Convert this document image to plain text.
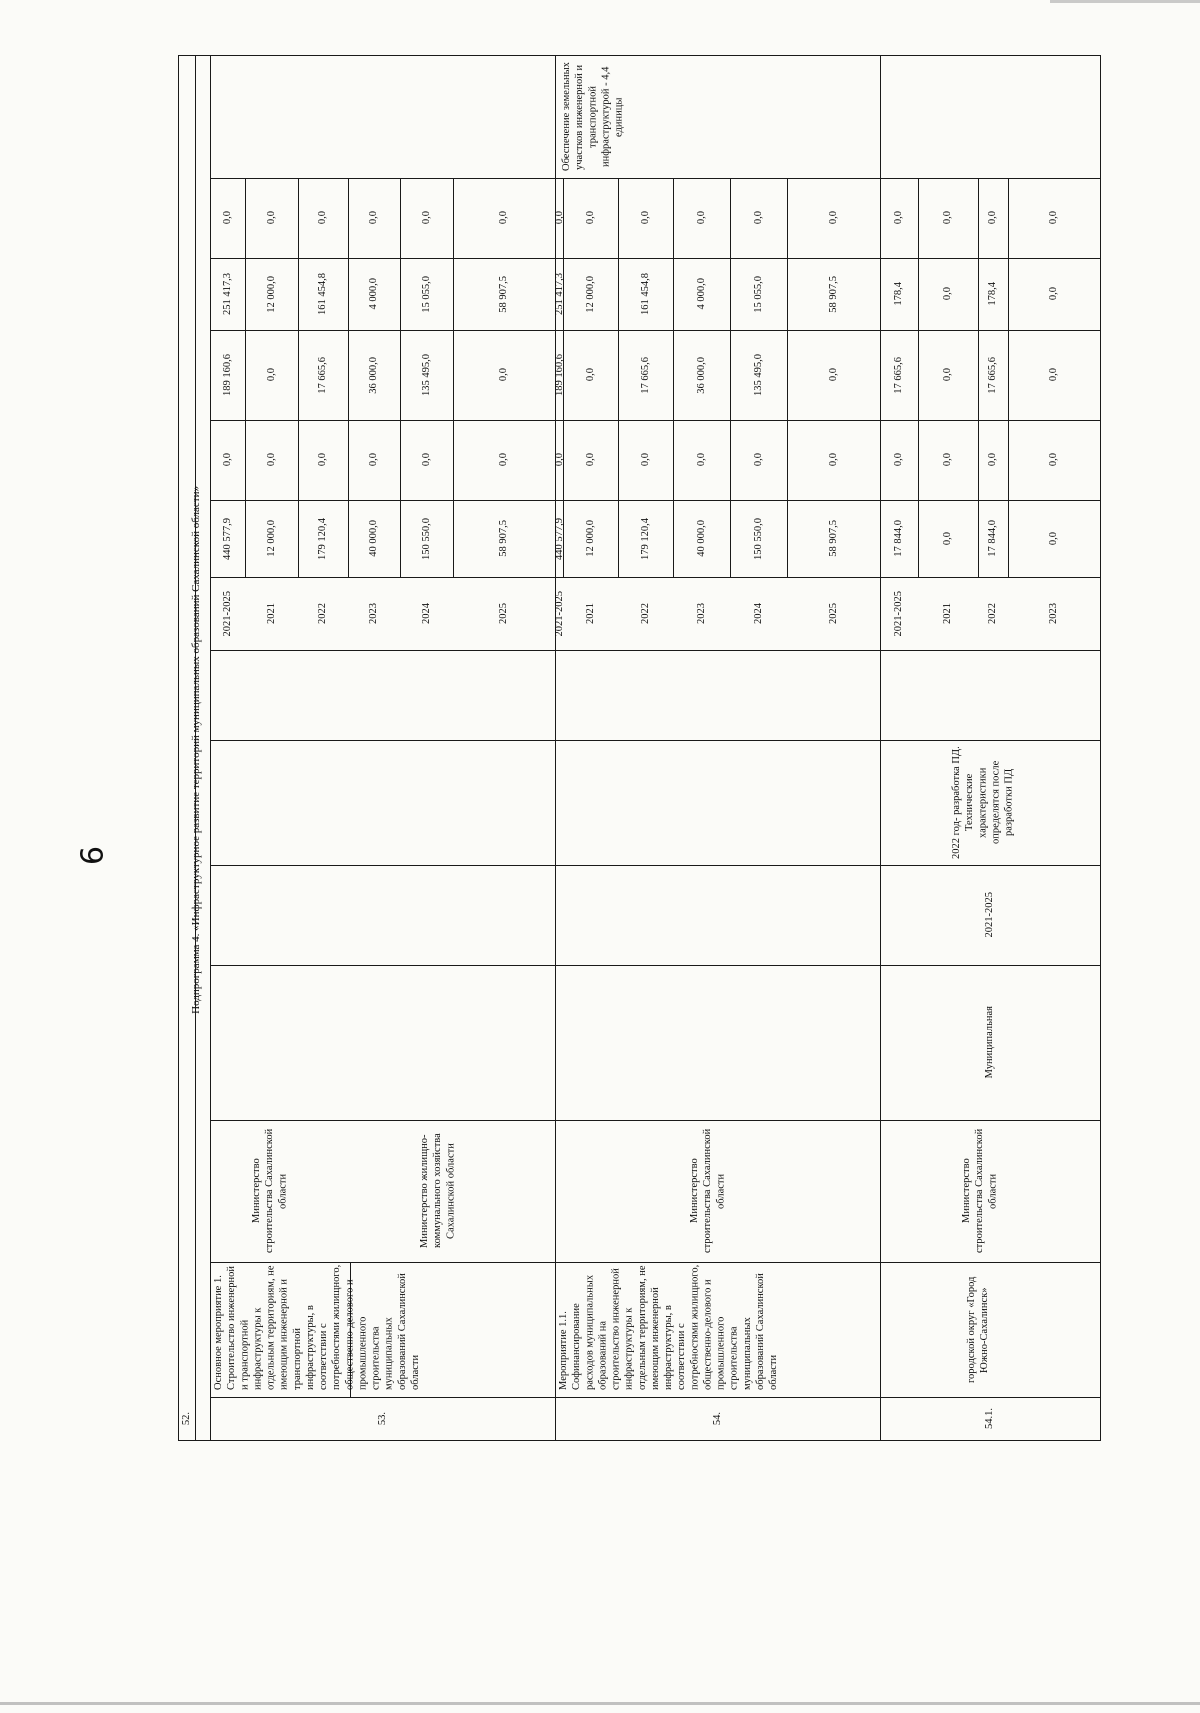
9
52.
Подпрограмма 4. «Инфраструктурное развитие территорий муниципальных образований Сахалинской области»
53.
Основное мероприятие 1. Строительство инженерной и транспортной инфраструктуры к отдельным территориям, не имеющим инженерной и транспортной инфраструктуры, в соответствии с потребностями жилищного, общественно-делового и промышленного строительства муниципальных образований Сахалинской области
Министерство строительства Сахалинской области	Министерство жилищно-коммунального хозяйства Сахалинской области
Обеспечение земельных участков инженерной и транспортной инфраструктурой - 4,4 единицы
2021-2025
440 577,9
0,0
189 160,6
251 417,3
0,0
2021
12 000,0
0,0
0,0
12 000,0
0,0
2022
179 120,4
0,0
17 665,6
161 454,8
0,0
2023
40 000,0
0,0
36 000,0
4 000,0
0,0
2024
150 550,0
0,0
135 495,0
15 055,0
0,0
2025
58 907,5
0,0
0,0
58 907,5
0,0
54.
Мероприятие 1.1. Софинансирование расходов муниципальных образований на строительство инженерной инфраструктуры к отдельным территориям, не имеющим инженерной инфраструктуры, в соответствии с потребностями жилищного, общественно-делового и промышленного строительства муниципальных образований Сахалинской области
Министерство строительства Сахалинской области
2021-2025
440 577,9
0,0
189 160,6
251 417,3
0,0
2021
12 000,0
0,0
0,0
12 000,0
0,0
2022
179 120,4
0,0
17 665,6
161 454,8
0,0
2023
40 000,0
0,0
36 000,0
4 000,0
0,0
2024
150 550,0
0,0
135 495,0
15 055,0
0,0
2025
58 907,5
0,0
0,0
58 907,5
0,0
54.1.
городской округ «Город Южно-Сахалинск»
Министерство строительства Сахалинской области
Муниципальная
2021-2025
2022 год- разработка ПД. Технические характеристики определятся после разработки ПД
2021-2025
17 844,0
0,0
17 665,6
178,4
0,0
2021
0,0
0,0
0,0
0,0
0,0
2022
17 844,0
0,0
17 665,6
178,4
0,0
2023
0,0
0,0
0,0
0,0
0,0
